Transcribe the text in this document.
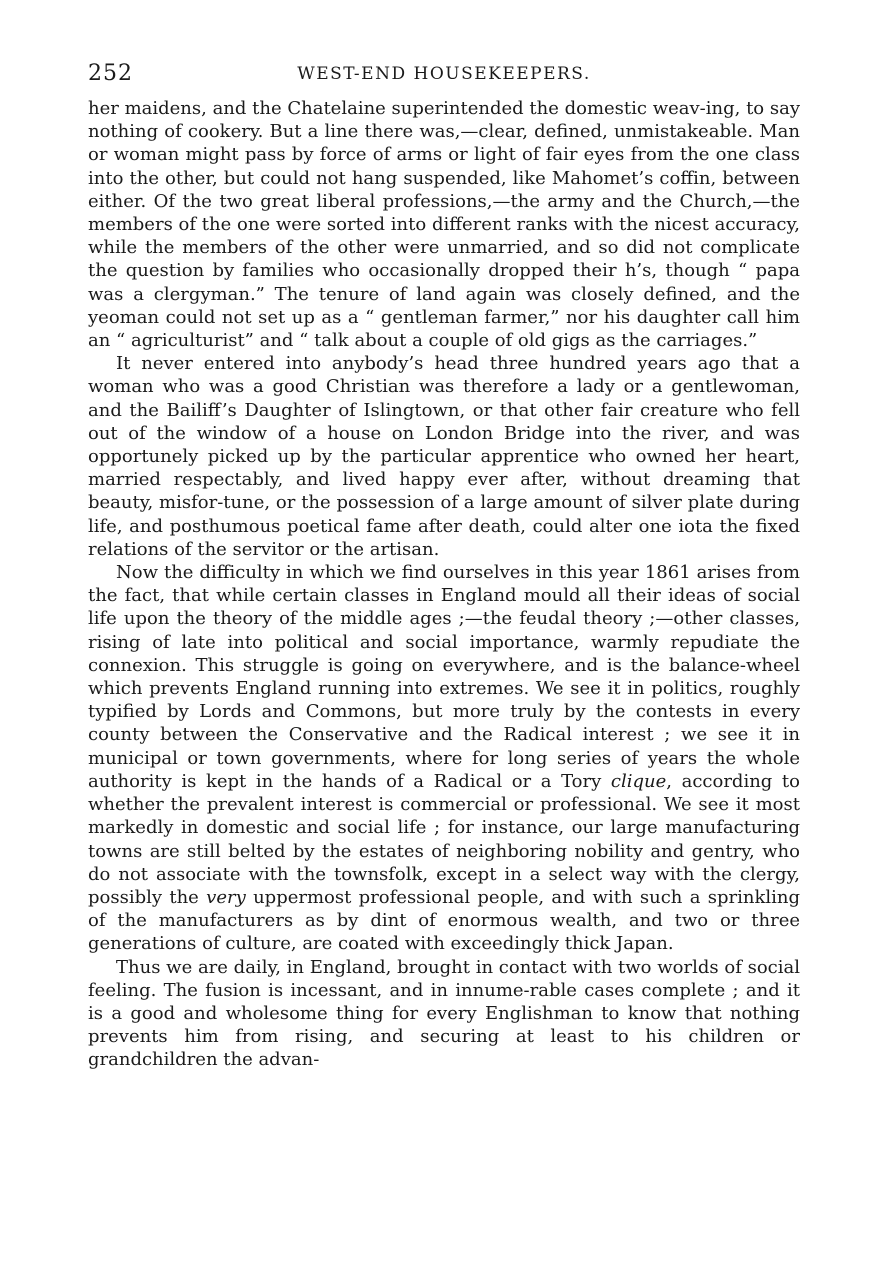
252	WEST-END HOUSEKEEPERS.

her maidens, and the Chatelaine superintended the domestic weav-ing, to say nothing of cookery. But a line there was,—clear, defined, unmistakeable. Man or woman might pass by force of arms or light of fair eyes from the one class into the other, but could not hang suspended, like Mahomet’s coffin, between either. Of the two great liberal professions,—the army and the Church,—the members of the one were sorted into different ranks with the nicest accuracy, while the members of the other were unmarried, and so did not complicate the question by families who occasionally dropped their h’s, though “ papa was a clergyman.” The tenure of land again was closely defined, and the yeoman could not set up as a “ gentleman farmer,” nor his daughter call him an “ agriculturist” and “ talk about a couple of old gigs as the carriages.”

It never entered into anybody’s head three hundred years ago that a woman who was a good Christian was therefore a lady or a gentlewoman, and the Bailiff’s Daughter of Islingtown, or that other fair creature who fell out of the window of a house on London Bridge into the river, and was opportunely picked up by the particular apprentice who owned her heart, married respectably, and lived happy ever after, without dreaming that beauty, misfor-tune, or the possession of a large amount of silver plate during life, and posthumous poetical fame after death, could alter one iota the fixed relations of the servitor or the artisan.

Now the difficulty in which we find ourselves in this year 1861 arises from the fact, that while certain classes in England mould all their ideas of social life upon the theory of the middle ages ;—the feudal theory ;—other classes, rising of late into political and social importance, warmly repudiate the connexion. This struggle is going on everywhere, and is the balance-wheel which prevents England running into extremes. We see it in politics, roughly typified by Lords and Commons, but more truly by the contests in every county between the Conservative and the Radical interest ; we see it in municipal or town governments, where for long series of years the whole authority is kept in the hands of a Radical or a Tory clique, according to whether the prevalent interest is commercial or professional. We see it most markedly in domestic and social life ; for instance, our large manufacturing towns are still belted by the estates of neighboring nobility and gentry, who do not associate with the townsfolk, except in a select way with the clergy, possibly the very uppermost professional people, and with such a sprinkling of the manufacturers as by dint of enormous wealth, and two or three generations of culture, are coated with exceedingly thick Japan.

Thus we are daily, in England, brought in contact with two worlds of social feeling. The fusion is incessant, and in innume-rable cases complete ; and it is a good and wholesome thing for every Englishman to know that nothing prevents him from rising, and securing at least to his children or grandchildren the advan-
